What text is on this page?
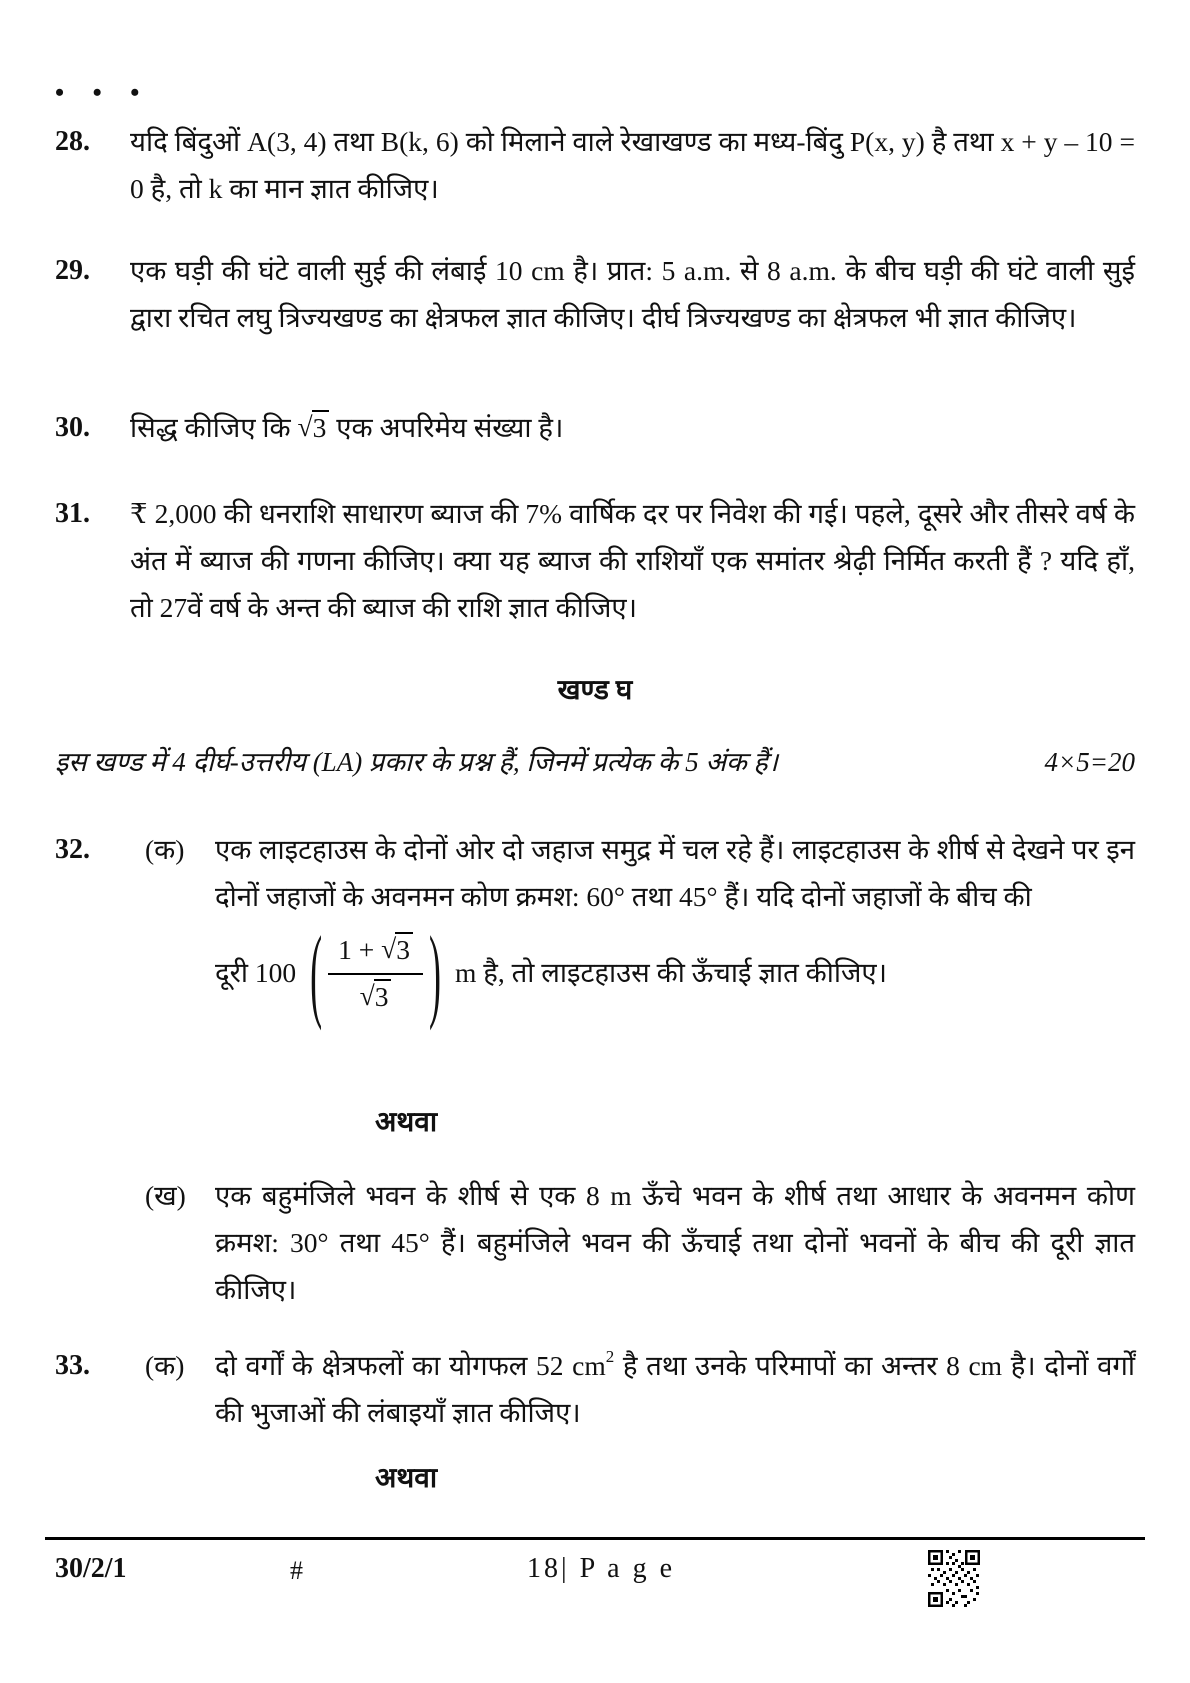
• • •
28.	यदि बिंदुओं A(3, 4) तथा B(k, 6) को मिलाने वाले रेखाखण्ड का मध्य-बिंदु P(x, y) है तथा x + y – 10 = 0 है, तो k का मान ज्ञात कीजिए।
29.	एक घड़ी की घंटे वाली सुई की लंबाई 10 cm है। प्रात: 5 a.m. से 8 a.m. के बीच घड़ी की घंटे वाली सुई द्वारा रचित लघु त्रिज्यखण्ड का क्षेत्रफल ज्ञात कीजिए। दीर्घ त्रिज्यखण्ड का क्षेत्रफल भी ज्ञात कीजिए।
30.	सिद्ध कीजिए कि √3 एक अपरिमेय संख्या है।
31.	₹ 2,000 की धनराशि साधारण ब्याज की 7% वार्षिक दर पर निवेश की गई। पहले, दूसरे और तीसरे वर्ष के अंत में ब्याज की गणना कीजिए। क्या यह ब्याज की राशियाँ एक समांतर श्रेढ़ी निर्मित करती हैं ? यदि हाँ, तो 27वें वर्ष के अन्त की ब्याज की राशि ज्ञात कीजिए।
खण्ड घ
इस खण्ड में 4 दीर्घ-उत्तरीय (LA) प्रकार के प्रश्न हैं, जिनमें प्रत्येक के 5 अंक हैं।	4×5=20
32.	(क)	एक लाइटहाउस के दोनों ओर दो जहाज समुद्र में चल रहे हैं। लाइटहाउस के शीर्ष से देखने पर इन दोनों जहाजों के अवनमन कोण क्रमश: 60° तथा 45° हैं। यदि दोनों जहाजों के बीच की
दूरी 100 ( $\frac{1 + √3}{√3}$ ) m है, तो लाइटहाउस की ऊँचाई ज्ञात कीजिए।
अथवा
(ख)	एक बहुमंजिले भवन के शीर्ष से एक 8 m ऊँचे भवन के शीर्ष तथा आधार के अवनमन कोण क्रमश: 30° तथा 45° हैं। बहुमंजिले भवन की ऊँचाई तथा दोनों भवनों के बीच की दूरी ज्ञात कीजिए।
33.	(क)	दो वर्गों के क्षेत्रफलों का योगफल 52 $cm^2$ है तथा उनके परिमापों का अन्तर 8 cm है। दोनों वर्गों की भुजाओं की लंबाइयाँ ज्ञात कीजिए।
अथवा
30/2/1	#	18| P a g e
